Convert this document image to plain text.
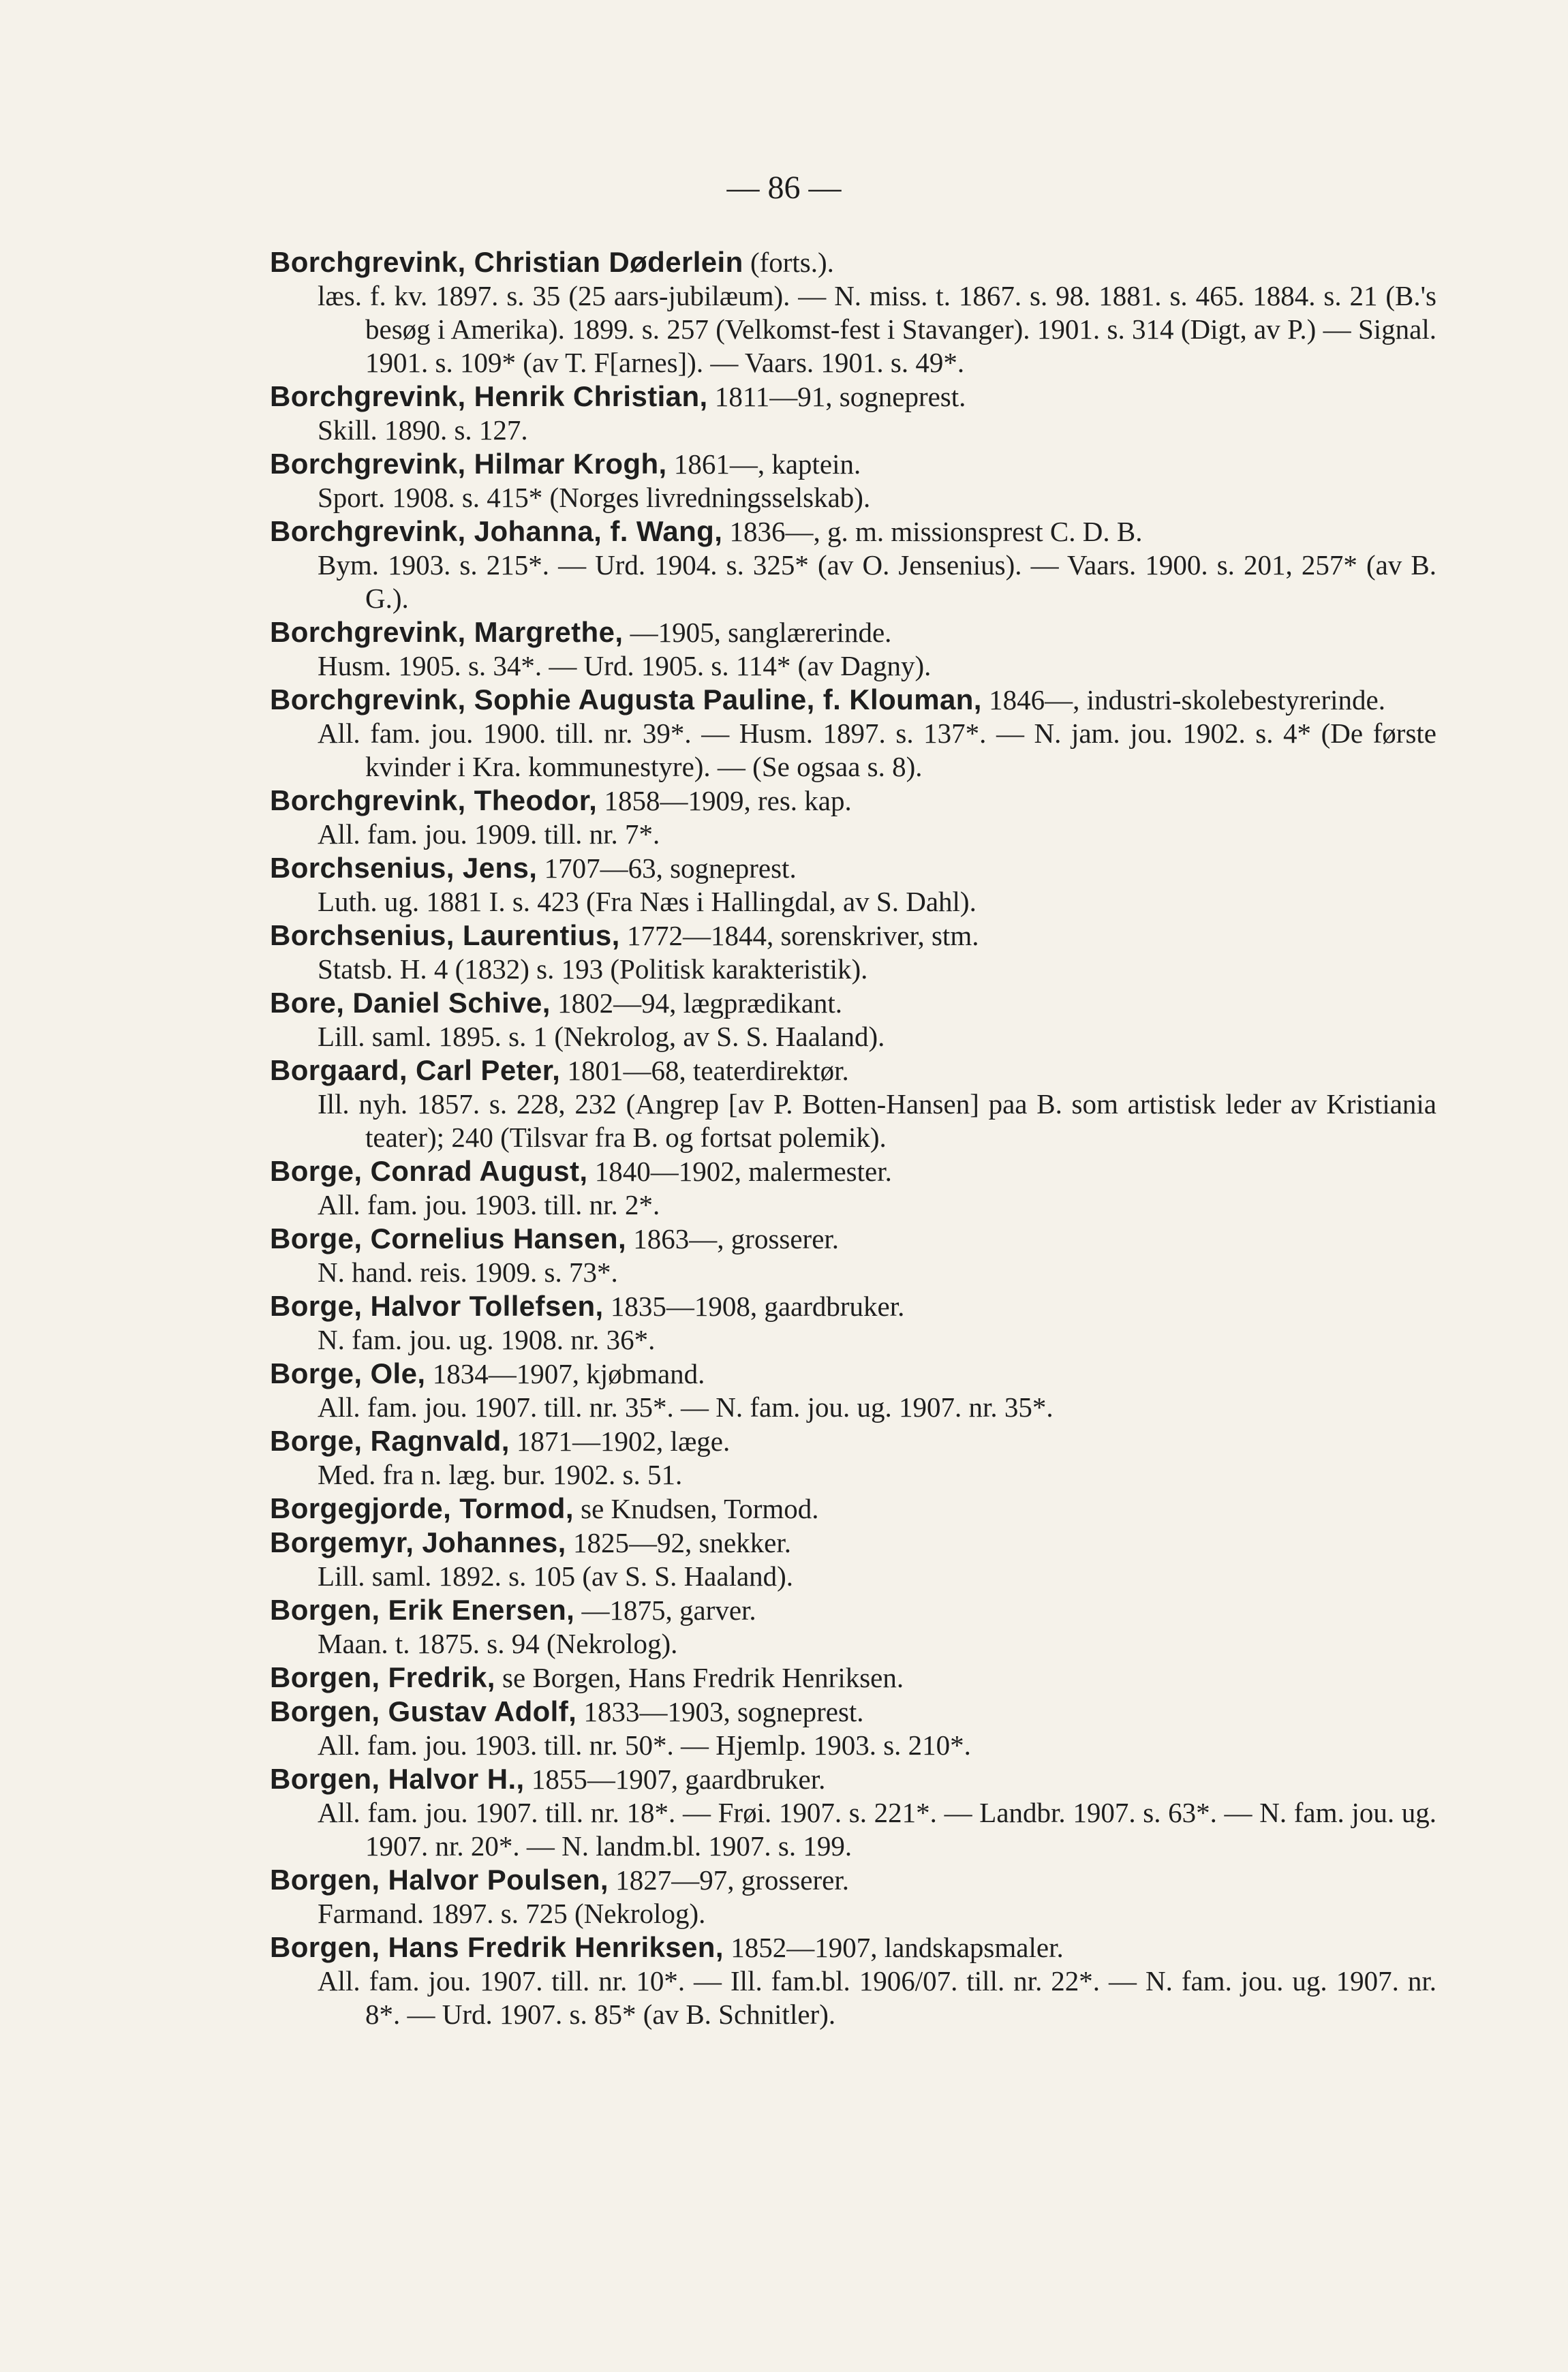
— 86 —
Borchgrevink, Christian Døderlein (forts.).
læs. f. kv. 1897. s. 35 (25 aars-jubilæum). — N. miss. t. 1867. s. 98. 1881. s. 465. 1884. s. 21 (B.'s besøg i Amerika). 1899. s. 257 (Velkomst-fest i Stavanger). 1901. s. 314 (Digt, av P.) — Signal. 1901. s. 109* (av T. F[arnes]). — Vaars. 1901. s. 49*.
Borchgrevink, Henrik Christian, 1811—91, sogneprest.
Skill. 1890. s. 127.
Borchgrevink, Hilmar Krogh, 1861—, kaptein.
Sport. 1908. s. 415* (Norges livredningsselskab).
Borchgrevink, Johanna, f. Wang, 1836—, g. m. missionsprest C. D. B.
Bym. 1903. s. 215*. — Urd. 1904. s. 325* (av O. Jensenius). — Vaars. 1900. s. 201, 257* (av B. G.).
Borchgrevink, Margrethe, —1905, sanglærerinde.
Husm. 1905. s. 34*. — Urd. 1905. s. 114* (av Dagny).
Borchgrevink, Sophie Augusta Pauline, f. Klouman, 1846—, industri-skolebestyrerinde.
All. fam. jou. 1900. till. nr. 39*. — Husm. 1897. s. 137*. — N. jam. jou. 1902. s. 4* (De første kvinder i Kra. kommunestyre). — (Se ogsaa s. 8).
Borchgrevink, Theodor, 1858—1909, res. kap.
All. fam. jou. 1909. till. nr. 7*.
Borchsenius, Jens, 1707—63, sogneprest.
Luth. ug. 1881 I. s. 423 (Fra Næs i Hallingdal, av S. Dahl).
Borchsenius, Laurentius, 1772—1844, sorenskriver, stm.
Statsb. H. 4 (1832) s. 193 (Politisk karakteristik).
Bore, Daniel Schive, 1802—94, lægprædikant.
Lill. saml. 1895. s. 1 (Nekrolog, av S. S. Haaland).
Borgaard, Carl Peter, 1801—68, teaterdirektør.
Ill. nyh. 1857. s. 228, 232 (Angrep [av P. Botten-Hansen] paa B. som artistisk leder av Kristiania teater); 240 (Tilsvar fra B. og fortsat polemik).
Borge, Conrad August, 1840—1902, malermester.
All. fam. jou. 1903. till. nr. 2*.
Borge, Cornelius Hansen, 1863—, grosserer.
N. hand. reis. 1909. s. 73*.
Borge, Halvor Tollefsen, 1835—1908, gaardbruker.
N. fam. jou. ug. 1908. nr. 36*.
Borge, Ole, 1834—1907, kjøbmand.
All. fam. jou. 1907. till. nr. 35*. — N. fam. jou. ug. 1907. nr. 35*.
Borge, Ragnvald, 1871—1902, læge.
Med. fra n. læg. bur. 1902. s. 51.
Borgegjorde, Tormod, se Knudsen, Tormod.
Borgemyr, Johannes, 1825—92, snekker.
Lill. saml. 1892. s. 105 (av S. S. Haaland).
Borgen, Erik Enersen, —1875, garver.
Maan. t. 1875. s. 94 (Nekrolog).
Borgen, Fredrik, se Borgen, Hans Fredrik Henriksen.
Borgen, Gustav Adolf, 1833—1903, sogneprest.
All. fam. jou. 1903. till. nr. 50*. — Hjemlp. 1903. s. 210*.
Borgen, Halvor H., 1855—1907, gaardbruker.
All. fam. jou. 1907. till. nr. 18*. — Frøi. 1907. s. 221*. — Landbr. 1907. s. 63*. — N. fam. jou. ug. 1907. nr. 20*. — N. landm.bl. 1907. s. 199.
Borgen, Halvor Poulsen, 1827—97, grosserer.
Farmand. 1897. s. 725 (Nekrolog).
Borgen, Hans Fredrik Henriksen, 1852—1907, landskapsmaler.
All. fam. jou. 1907. till. nr. 10*. — Ill. fam.bl. 1906/07. till. nr. 22*. — N. fam. jou. ug. 1907. nr. 8*. — Urd. 1907. s. 85* (av B. Schnitler).
